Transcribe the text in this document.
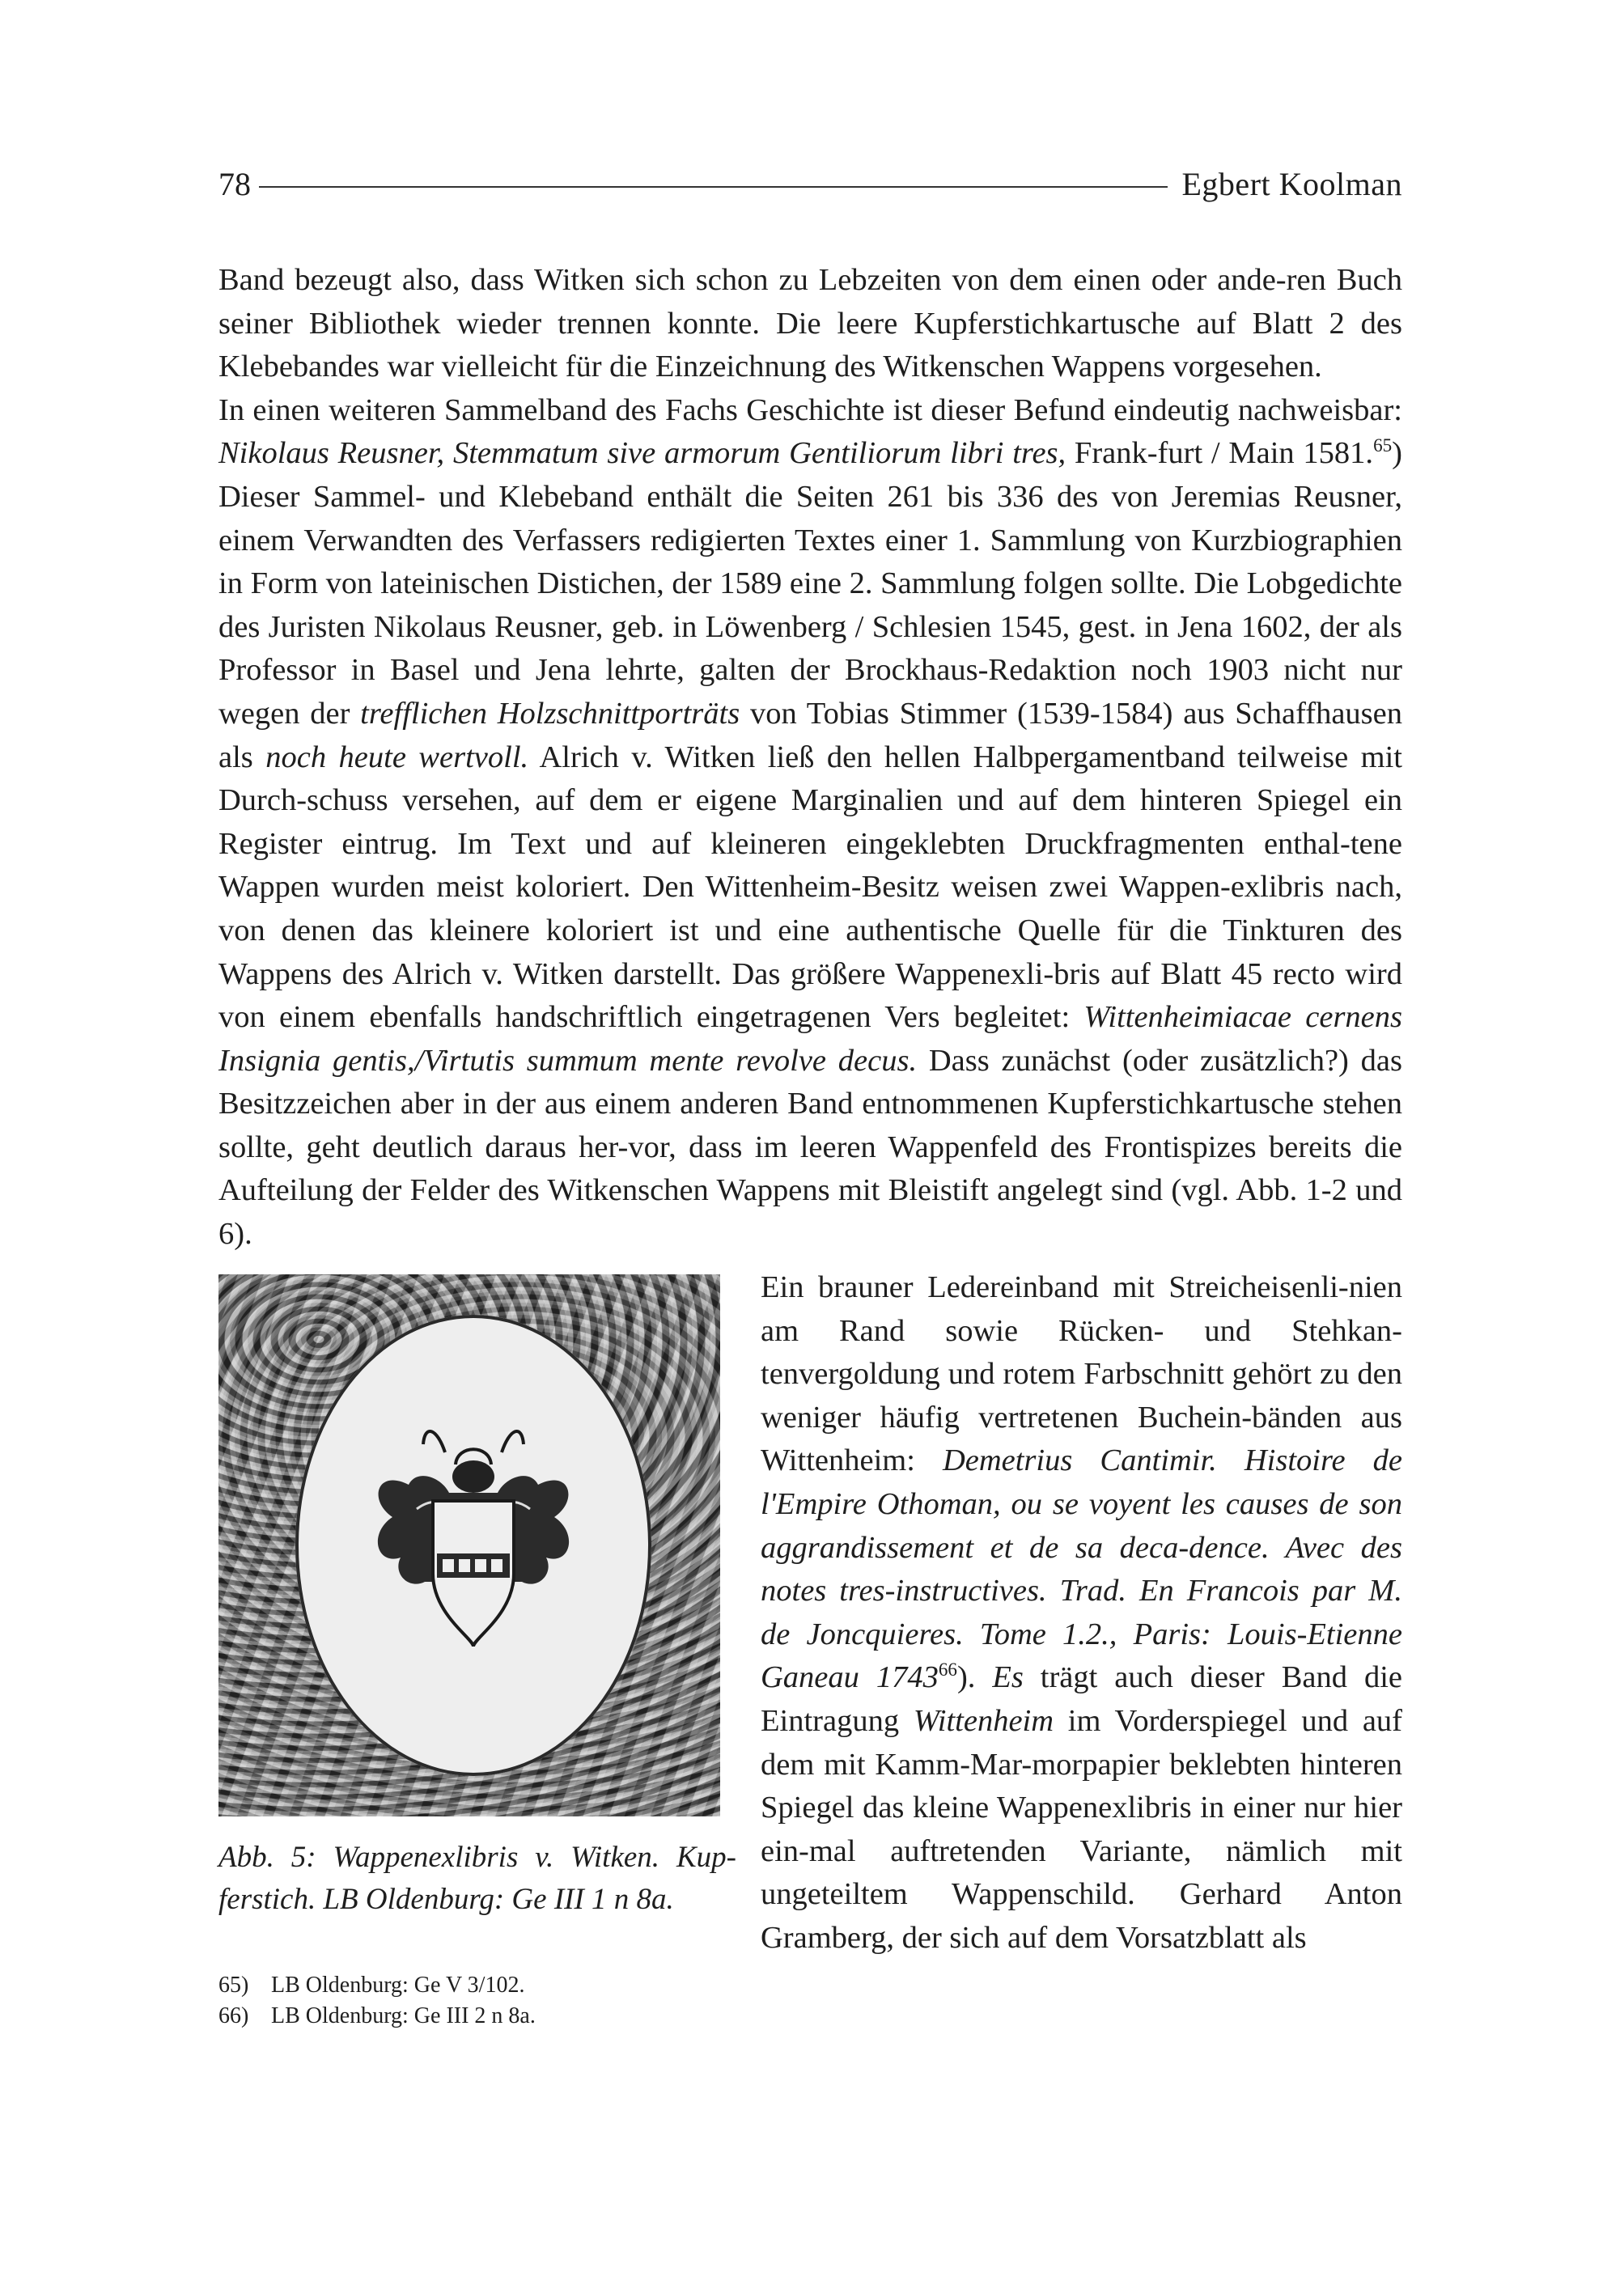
78	Egbert Koolman

Band bezeugt also, dass Witken sich schon zu Lebzeiten von dem einen oder ande-ren Buch seiner Bibliothek wieder trennen konnte. Die leere Kupferstichkartusche auf Blatt 2 des Klebebandes war vielleicht für die Einzeichnung des Witkenschen Wappens vorgesehen.

In einen weiteren Sammelband des Fachs Geschichte ist dieser Befund eindeutig nachweisbar: Nikolaus Reusner, Stemmatum sive armorum Gentiliorum libri tres, Frank-furt / Main 1581.65) Dieser Sammel- und Klebeband enthält die Seiten 261 bis 336 des von Jeremias Reusner, einem Verwandten des Verfassers redigierten Textes einer 1. Sammlung von Kurzbiographien in Form von lateinischen Distichen, der 1589 eine 2. Sammlung folgen sollte. Die Lobgedichte des Juristen Nikolaus Reusner, geb. in Löwenberg / Schlesien 1545, gest. in Jena 1602, der als Professor in Basel und Jena lehrte, galten der Brockhaus-Redaktion noch 1903 nicht nur wegen der trefflichen Holzschnittporträts von Tobias Stimmer (1539-1584) aus Schaffhausen als noch heute wertvoll. Alrich v. Witken ließ den hellen Halbpergamentband teilweise mit Durch-schuss versehen, auf dem er eigene Marginalien und auf dem hinteren Spiegel ein Register eintrug. Im Text und auf kleineren eingeklebten Druckfragmenten enthal-tene Wappen wurden meist koloriert. Den Wittenheim-Besitz weisen zwei Wappen-exlibris nach, von denen das kleinere koloriert ist und eine authentische Quelle für die Tinkturen des Wappens des Alrich v. Witken darstellt. Das größere Wappenexli-bris auf Blatt 45 recto wird von einem ebenfalls handschriftlich eingetragenen Vers begleitet: Wittenheimiacae cernens Insignia gentis,/Virtutis summum mente revolve decus. Dass zunächst (oder zusätzlich?) das Besitzzeichen aber in der aus einem anderen Band entnommenen Kupferstichkartusche stehen sollte, geht deutlich daraus her-vor, dass im leeren Wappenfeld des Frontispizes bereits die Aufteilung der Felder des Witkenschen Wappens mit Bleistift angelegt sind (vgl. Abb. 1-2 und 6).

Abb. 5: Wappenexlibris v. Witken. Kup-ferstich. LB Oldenburg: Ge III 1 n 8a.

Ein brauner Ledereinband mit Streicheisenli-nien am Rand sowie Rücken- und Stehkan-tenvergoldung und rotem Farbschnitt gehört zu den weniger häufig vertretenen Buchein-bänden aus Wittenheim: Demetrius Cantimir. Histoire de l'Empire Othoman, ou se voyent les causes de son aggrandissement et de sa deca-dence. Avec des notes tres-instructives. Trad. En Francois par M. de Joncquieres. Tome 1.2., Paris: Louis-Etienne Ganeau 1743$^{66}$). Es trägt auch dieser Band die Eintragung Wittenheim im Vorderspiegel und auf dem mit Kamm-Mar-morpapier beklebten hinteren Spiegel das kleine Wappenexlibris in einer nur hier ein-mal auftretenden Variante, nämlich mit ungeteiltem Wappenschild. Gerhard Anton Gramberg, der sich auf dem Vorsatzblatt als

65) LB Oldenburg: Ge V 3/102.
66) LB Oldenburg: Ge III 2 n 8a.
